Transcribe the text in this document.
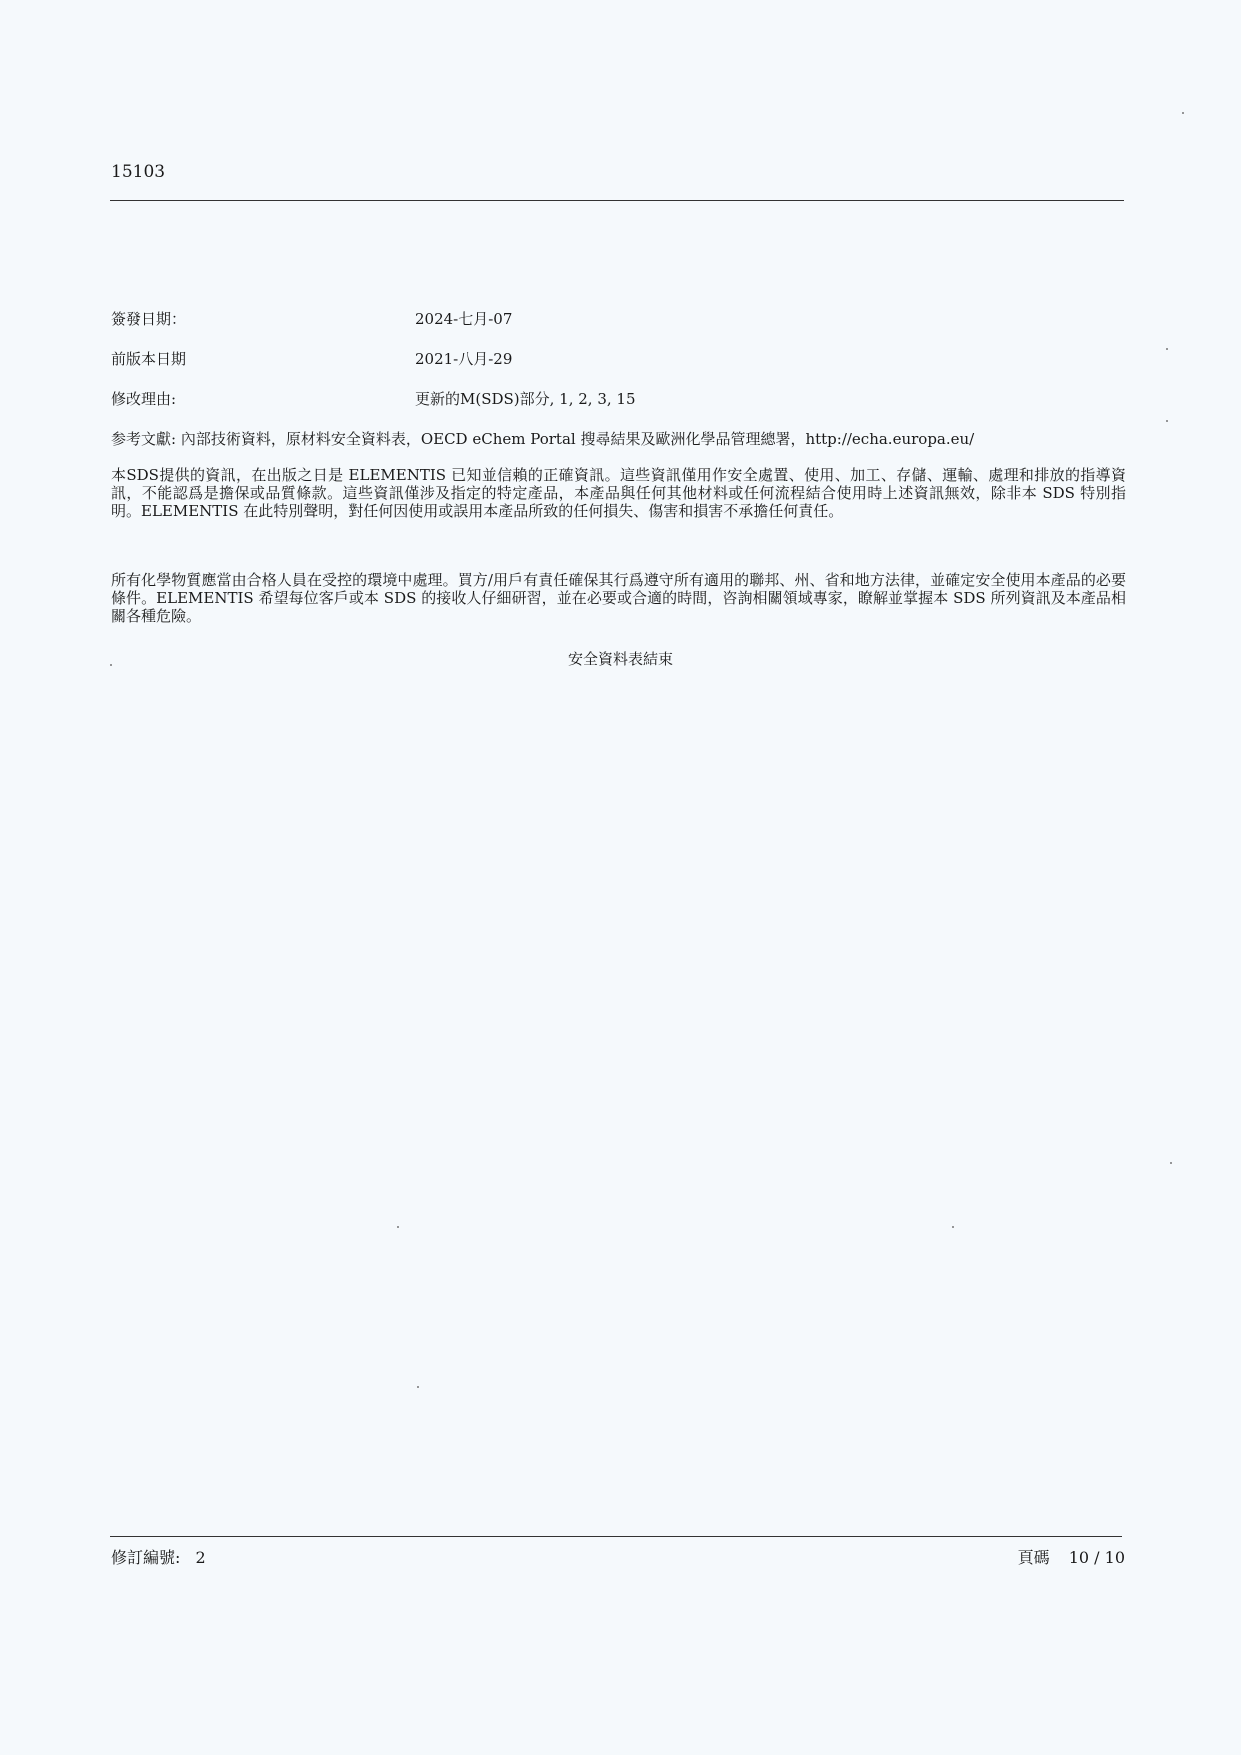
15103
簽發日期：	2024-七月-07
前版本日期	2021-八月-29
修改理由:	更新的M(SDS)部分, 1, 2, 3, 15
参考文獻: 內部技術資料，原材料安全資料表，OECD eChem Portal 搜尋結果及歐洲化學品管理總署，http://echa.europa.eu/
本SDS提供的資訊，在出版之日是 ELEMENTIS 已知並信賴的正確資訊。這些資訊僅用作安全處置、使用、加工、存儲、運輸、處理和排放的指導資訊，不能認爲是擔保或品質條款。這些資訊僅涉及指定的特定產品，本產品與任何其他材料或任何流程結合使用時上述資訊無效，除非本 SDS 特別指明。ELEMENTIS 在此特別聲明，對任何因使用或誤用本產品所致的任何損失、傷害和損害不承擔任何責任。
所有化學物質應當由合格人員在受控的環境中處理。買方/用戶有責任確保其行爲遵守所有適用的聯邦、州、省和地方法律，並確定安全使用本產品的必要條件。ELEMENTIS 希望每位客戶或本 SDS 的接收人仔細研習，並在必要或合適的時間，咨詢相關領域專家，瞭解並掌握本 SDS 所列資訊及本產品相關各種危險。
安全資料表結束
修訂編號: 2	頁碼 10 / 10
